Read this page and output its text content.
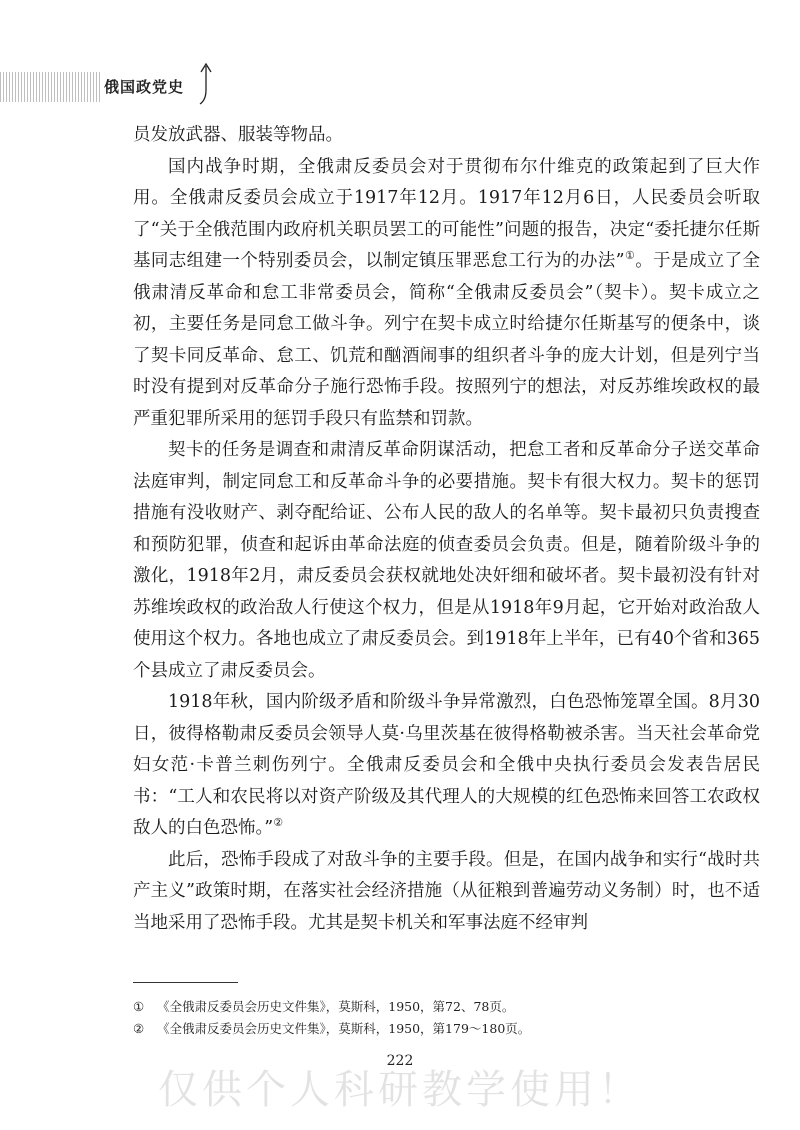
俄国政党史

员发放武器、服装等物品。

国内战争时期，全俄肃反委员会对于贯彻布尔什维克的政策起到了巨大作用。全俄肃反委员会成立于1917年12月。1917年12月6日，人民委员会听取了“关于全俄范围内政府机关职员罢工的可能性”问题的报告，决定“委托捷尔任斯基同志组建一个特别委员会，以制定镇压罪恶怠工行为的办法”①。于是成立了全俄肃清反革命和怠工非常委员会，简称“全俄肃反委员会”（契卡）。契卡成立之初，主要任务是同怠工做斗争。列宁在契卡成立时给捷尔任斯基写的便条中，谈了契卡同反革命、怠工、饥荒和酗酒闹事的组织者斗争的庞大计划，但是列宁当时没有提到对反革命分子施行恐怖手段。按照列宁的想法，对反苏维埃政权的最严重犯罪所采用的惩罚手段只有监禁和罚款。

契卡的任务是调查和肃清反革命阴谋活动，把怠工者和反革命分子送交革命法庭审判，制定同怠工和反革命斗争的必要措施。契卡有很大权力。契卡的惩罚措施有没收财产、剥夺配给证、公布人民的敌人的名单等。契卡最初只负责搜查和预防犯罪，侦查和起诉由革命法庭的侦查委员会负责。但是，随着阶级斗争的激化，1918年2月，肃反委员会获权就地处决奸细和破坏者。契卡最初没有针对苏维埃政权的政治敌人行使这个权力，但是从1918年9月起，它开始对政治敌人使用这个权力。各地也成立了肃反委员会。到1918年上半年，已有40个省和365个县成立了肃反委员会。

1918年秋，国内阶级矛盾和阶级斗争异常激烈，白色恐怖笼罩全国。8月30日，彼得格勒肃反委员会领导人莫·乌里茨基在彼得格勒被杀害。当天社会革命党妇女范·卡普兰刺伤列宁。全俄肃反委员会和全俄中央执行委员会发表告居民书：“工人和农民将以对资产阶级及其代理人的大规模的红色恐怖来回答工农政权敌人的白色恐怖。”②

此后，恐怖手段成了对敌斗争的主要手段。但是，在国内战争和实行“战时共产主义”政策时期，在落实社会经济措施（从征粮到普遍劳动义务制）时，也不适当地采用了恐怖手段。尤其是契卡机关和军事法庭不经审判

① 《全俄肃反委员会历史文件集》，莫斯科，1950，第72、78页。
② 《全俄肃反委员会历史文件集》，莫斯科，1950，第179～180页。
222
仅供个人科研教学使用！
